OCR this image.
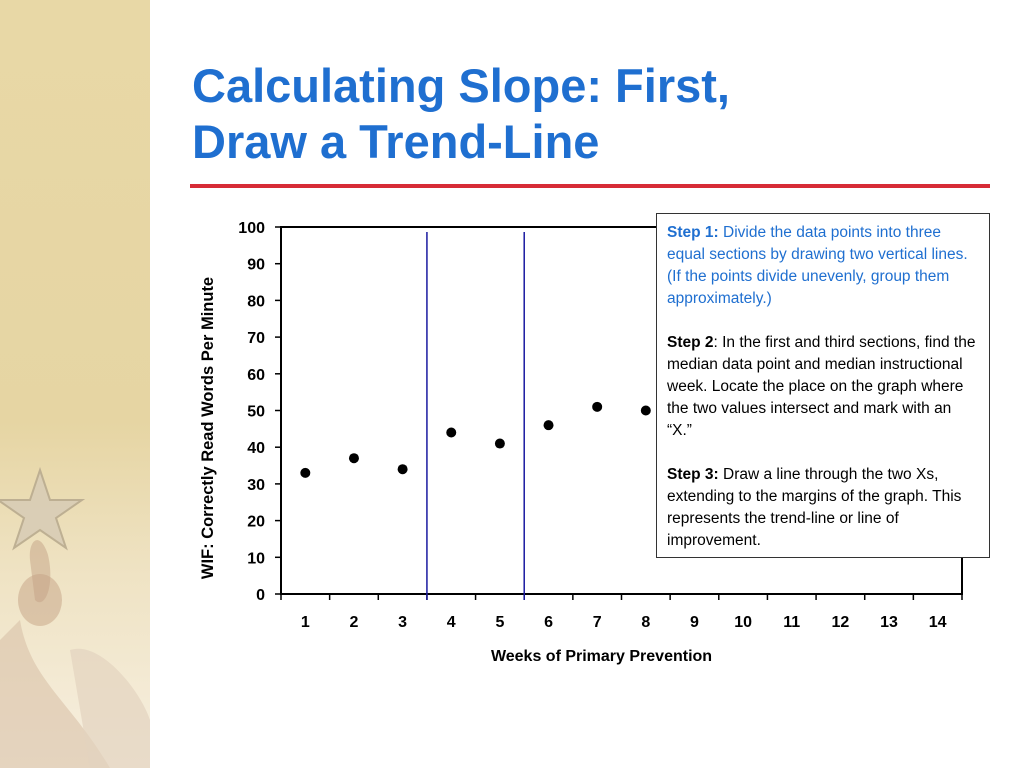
Calculating Slope: First,
Draw a Trend-Line
0
10
20
30
40
50
60
70
80
90
100
1 2 3 4 5 6 7 8 9 10 11 12 13 14
Weeks of Primary Prevention
WIF: Correctly Read Words Per Minute

Step 1: Divide the data points into three equal sections by drawing two vertical lines. (If the points divide unevenly, group them approximately.)

Step 2: In the first and third sections, find the median data point and median instructional week. Locate the place on the graph where the two values intersect and mark with an “X.”

Step 3: Draw a line through the two Xs, extending to the margins of the graph. This represents the trend-line or line of improvement.
